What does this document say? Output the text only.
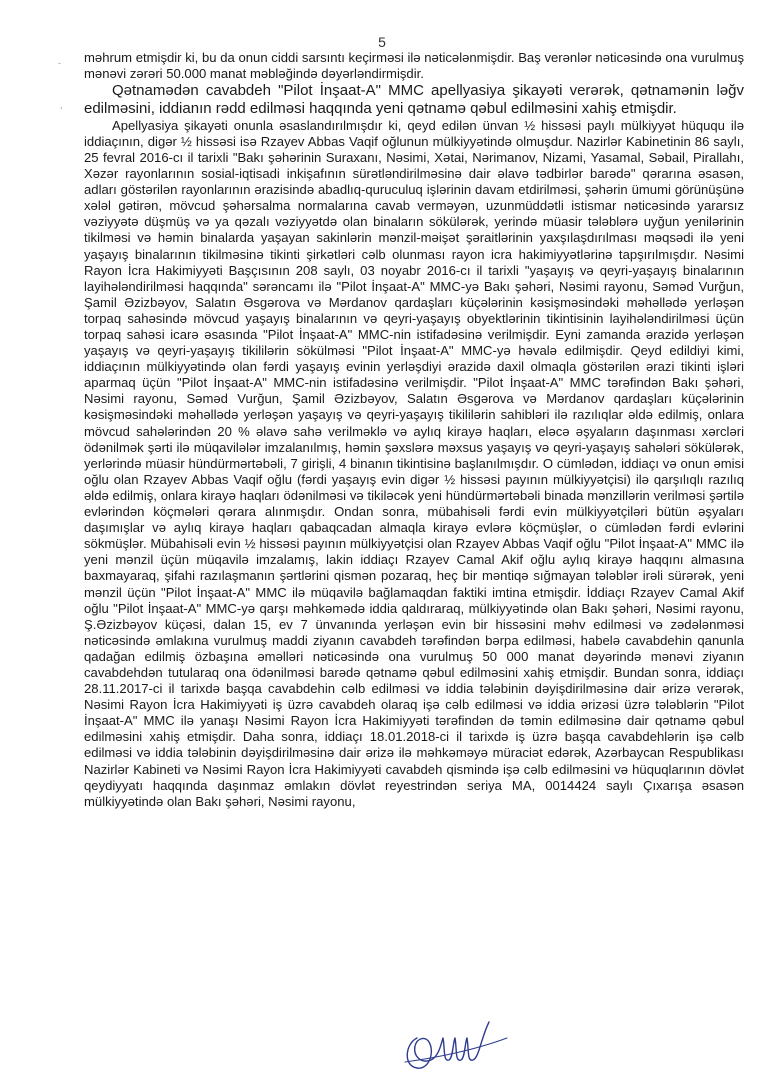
5
-
,

məhrum etmişdir ki, bu da onun ciddi sarsıntı keçirməsi ilə nəticələnmişdir. Baş verənlər nəticəsində ona vurulmuş mənəvi zərəri 50.000 manat məbləğində dəyərləndirmişdir.

Qətnamədən cavabdeh "Pilot İnşaat-A" MMC apellyasiya şikayəti verərək, qətnamənin ləğv edilməsini, iddianın rədd edilməsi haqqında yeni qətnamə qəbul edilməsini xahiş etmişdir.

Apellyasiya şikayəti onunla əsaslandırılmışdır ki, qeyd edilən ünvan ½ hissəsi paylı mülkiyyət hüququ ilə iddiaçının, digər ½ hissəsi isə Rzayev Abbas Vaqif oğlunun mülkiyyətində olmuşdur. Nazirlər Kabinetinin 86 saylı, 25 fevral 2016-cı il tarixli "Bakı şəhərinin Suraxanı, Nəsimi, Xətai, Nərimanov, Nizami, Yasamal, Səbail, Pirallahı, Xəzər rayonlarının sosial-iqtisadi inkişafının sürətləndirilməsinə dair əlavə tədbirlər barədə" qərarına əsasən, adları göstərilən rayonlarının ərazisində abadlıq-quruculuq işlərinin davam etdirilməsi, şəhərin ümumi görünüşünə xələl gətirən, mövcud şəhərsalma normalarına cavab verməyən, uzunmüddətli istismar nəticəsində yararsız vəziyyətə düşmüş və ya qəzalı vəziyyətdə olan binaların sökülərək, yerində müasir tələblərə uyğun yenilərinin tikilməsi və həmin binalarda yaşayan sakinlərin mənzil-məişət şəraitlərinin yaxşılaşdırılması məqsədi ilə yeni yaşayış binalarının tikilməsinə tikinti şirkətləri cəlb olunması rayon icra hakimiyyətlərinə tapşırılmışdır. Nəsimi Rayon İcra Hakimiyyəti Başçısının 208 saylı, 03 noyabr 2016-cı il tarixli "yaşayış və qeyri-yaşayış binalarının layihələndirilməsi haqqında" sərəncamı ilə "Pilot İnşaat-A" MMC-yə Bakı şəhəri, Nəsimi rayonu, Səməd Vurğun, Şamil Əzizbəyov, Salatın Əsgərova və Mərdanov qardaşları küçələrinin kəsişməsindəki məhəllədə yerləşən torpaq sahəsində mövcud yaşayış binalarının və qeyri-yaşayış obyektlərinin tikintisinin layihələndirilməsi üçün torpaq sahəsi icarə əsasında "Pilot İnşaat-A" MMC-nin istifadəsinə verilmişdir. Eyni zamanda ərazidə yerləşən yaşayış və qeyri-yaşayış tikililərin sökülməsi "Pilot İnşaat-A" MMC-yə həvalə edilmişdir. Qeyd edildiyi kimi, iddiaçının mülkiyyətində olan fərdi yaşayış evinin yerləşdiyi ərazidə daxil olmaqla göstərilən ərazi tikinti işləri aparmaq üçün "Pilot İnşaat-A" MMC-nin istifadəsinə verilmişdir. "Pilot İnşaat-A" MMC tərəfindən Bakı şəhəri, Nəsimi rayonu, Səməd Vurğun, Şamil Əzizbəyov, Salatın Əsgərova və Mərdanov qardaşları küçələrinin kəsişməsindəki məhəllədə yerləşən yaşayış və qeyri-yaşayış tikililərin sahibləri ilə razılıqlar əldə edilmiş, onlara mövcud sahələrindən 20 % əlavə sahə verilməklə və aylıq kirayə haqları, eləcə əşyaların daşınması xərcləri ödənilmək şərti ilə müqavilələr imzalanılmış, həmin şəxslərə məxsus yaşayış və qeyri-yaşayış sahələri sökülərək, yerlərində müasir hündürmərtəbəli, 7 girişli, 4 binanın tikintisinə başlanılmışdır. O cümlədən, iddiaçı və onun əmisi oğlu olan Rzayev Abbas Vaqif oğlu (fərdi yaşayış evin digər ½ hissəsi payının mülkiyyətçisi) ilə qarşılıqlı razılıq əldə edilmiş, onlara kirayə haqları ödənilməsi və tikiləcək yeni hündürmərtəbəli binada mənzillərin verilməsi şərtilə evlərindən köçmələri qərara alınmışdır. Ondan sonra, mübahisəli fərdi evin mülkiyyətçiləri bütün əşyaları daşımışlar və aylıq kirayə haqları qabaqcadan almaqla kirayə evlərə köçmüşlər, o cümlədən fərdi evlərini sökmüşlər. Mübahisəli evin ½ hissəsi payının mülkiyyətçisi olan Rzayev Abbas Vaqif oğlu "Pilot İnşaat-A" MMC ilə yeni mənzil üçün müqavilə imzalamış, lakin iddiaçı Rzayev Camal Akif oğlu aylıq kirayə haqqını almasına baxmayaraq, şifahi razılaşmanın şərtlərini qismən pozaraq, heç bir məntiqə sığmayan tələblər irəli sürərək, yeni mənzil üçün "Pilot İnşaat-A" MMC ilə müqavilə bağlamaqdan faktiki imtina etmişdir. İddiaçı Rzayev Camal Akif oğlu "Pilot İnşaat-A" MMC-yə qarşı məhkəmədə iddia qaldıraraq, mülkiyyətində olan Bakı şəhəri, Nəsimi rayonu, Ş.Əzizbəyov küçəsi, dalan 15, ev 7 ünvanında yerləşən evin bir hissəsini məhv edilməsi və zədələnməsi nəticəsində əmlakına vurulmuş maddi ziyanın cavabdeh tərəfindən bərpa edilməsi, habelə cavabdehin qanunla qadağan edilmiş özbaşına əməlləri nəticəsində ona vurulmuş 50 000 manat dəyərində mənəvi ziyanın cavabdehdən tutularaq ona ödənilməsi barədə qətnamə qəbul edilməsini xahiş etmişdir. Bundan sonra, iddiaçı 28.11.2017-ci il tarixdə başqa cavabdehin cəlb edilməsi və iddia tələbinin dəyişdirilməsinə dair ərizə verərək, Nəsimi Rayon İcra Hakimiyyəti iş üzrə cavabdeh olaraq işə cəlb edilməsi və iddia ərizəsi üzrə tələblərin "Pilot İnşaat-A" MMC ilə yanaşı Nəsimi Rayon İcra Hakimiyyəti tərəfindən də təmin edilməsinə dair qətnamə qəbul edilməsini xahiş etmişdir. Daha sonra, iddiaçı 18.01.2018-ci il tarixdə iş üzrə başqa cavabdehlərin işə cəlb edilməsi və iddia tələbinin dəyişdirilməsinə dair ərizə ilə məhkəməyə müraciət edərək, Azərbaycan Respublikası Nazirlər Kabineti və Nəsimi Rayon İcra Hakimiyyəti cavabdeh qismində işə cəlb edilməsini və hüquqlarının dövlət qeydiyyatı haqqında daşınmaz əmlakın dövlət reyestrindən seriya MA, 0014424 saylı Çıxarışa əsasən mülkiyyətində olan Bakı şəhəri, Nəsimi rayonu,
